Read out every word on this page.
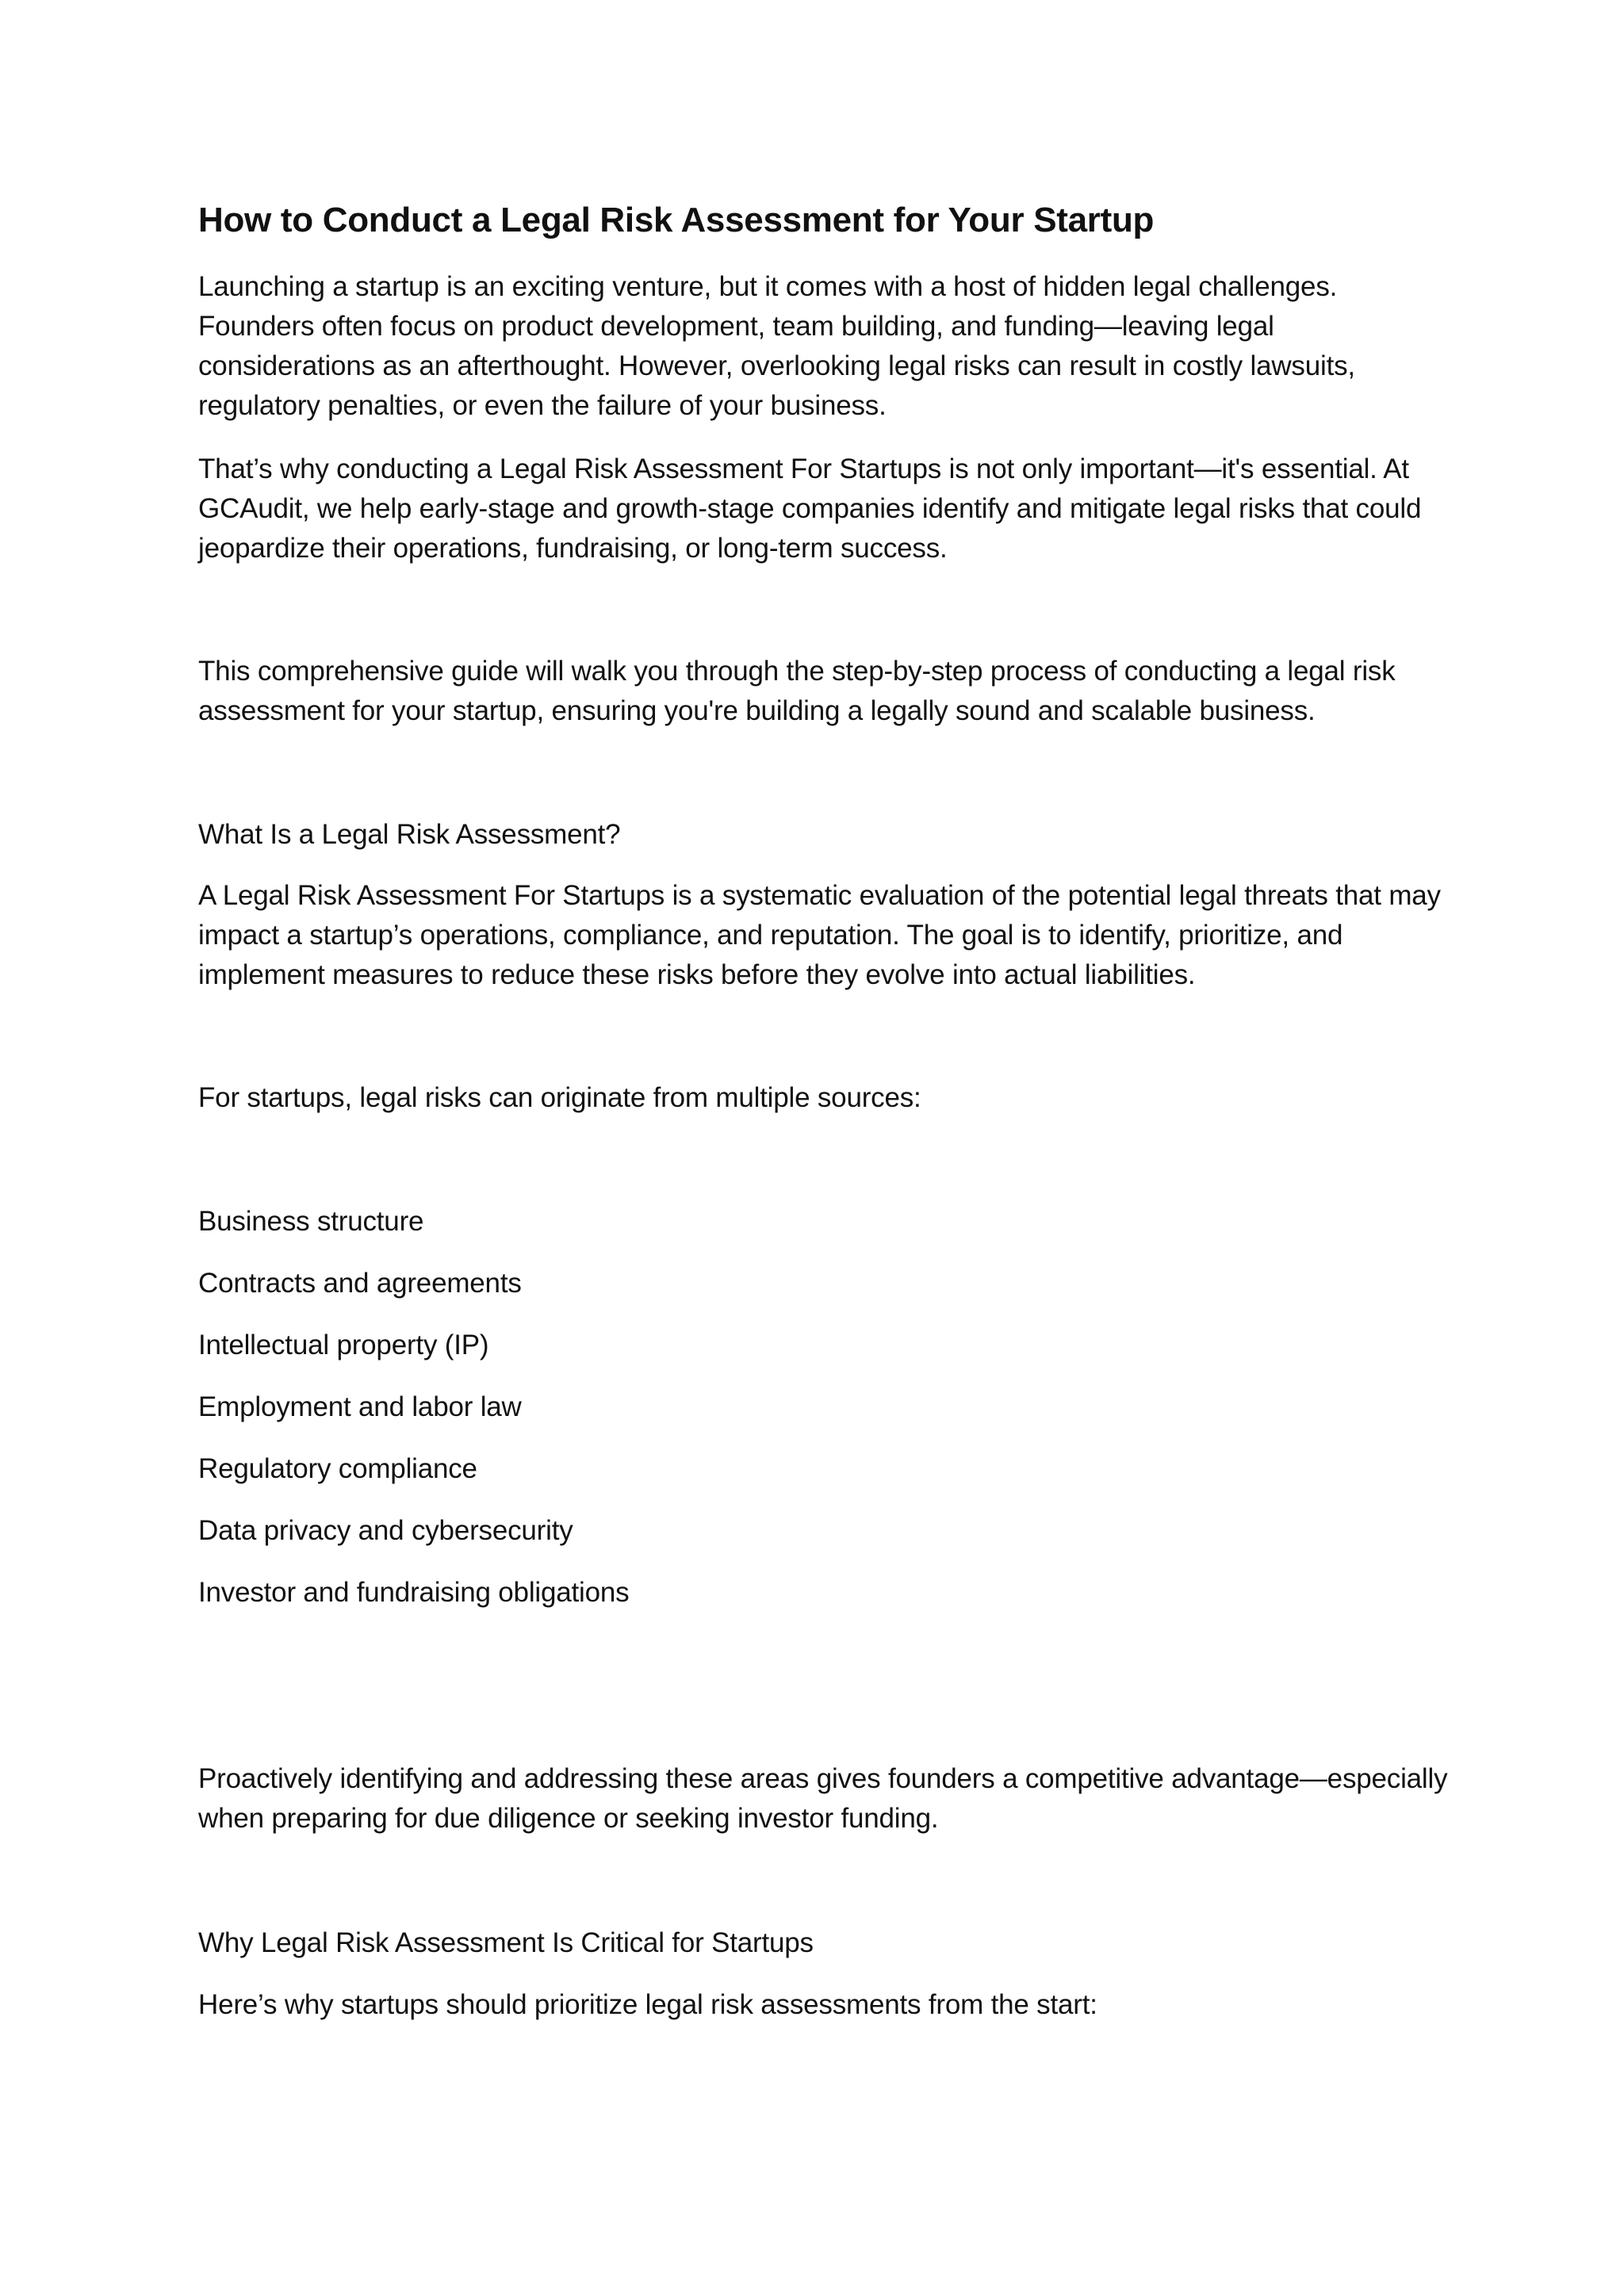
How to Conduct a Legal Risk Assessment for Your Startup

Launching a startup is an exciting venture, but it comes with a host of hidden legal challenges. Founders often focus on product development, team building, and funding—leaving legal considerations as an afterthought. However, overlooking legal risks can result in costly lawsuits, regulatory penalties, or even the failure of your business.

That’s why conducting a Legal Risk Assessment For Startups is not only important—it's essential. At GCAudit, we help early-stage and growth-stage companies identify and mitigate legal risks that could jeopardize their operations, fundraising, or long-term success.

This comprehensive guide will walk you through the step-by-step process of conducting a legal risk assessment for your startup, ensuring you're building a legally sound and scalable business.

What Is a Legal Risk Assessment?

A Legal Risk Assessment For Startups is a systematic evaluation of the potential legal threats that may impact a startup’s operations, compliance, and reputation. The goal is to identify, prioritize, and implement measures to reduce these risks before they evolve into actual liabilities.

For startups, legal risks can originate from multiple sources:

Business structure

Contracts and agreements

Intellectual property (IP)

Employment and labor law

Regulatory compliance

Data privacy and cybersecurity

Investor and fundraising obligations

Proactively identifying and addressing these areas gives founders a competitive advantage—especially when preparing for due diligence or seeking investor funding.

Why Legal Risk Assessment Is Critical for Startups

Here’s why startups should prioritize legal risk assessments from the start:
